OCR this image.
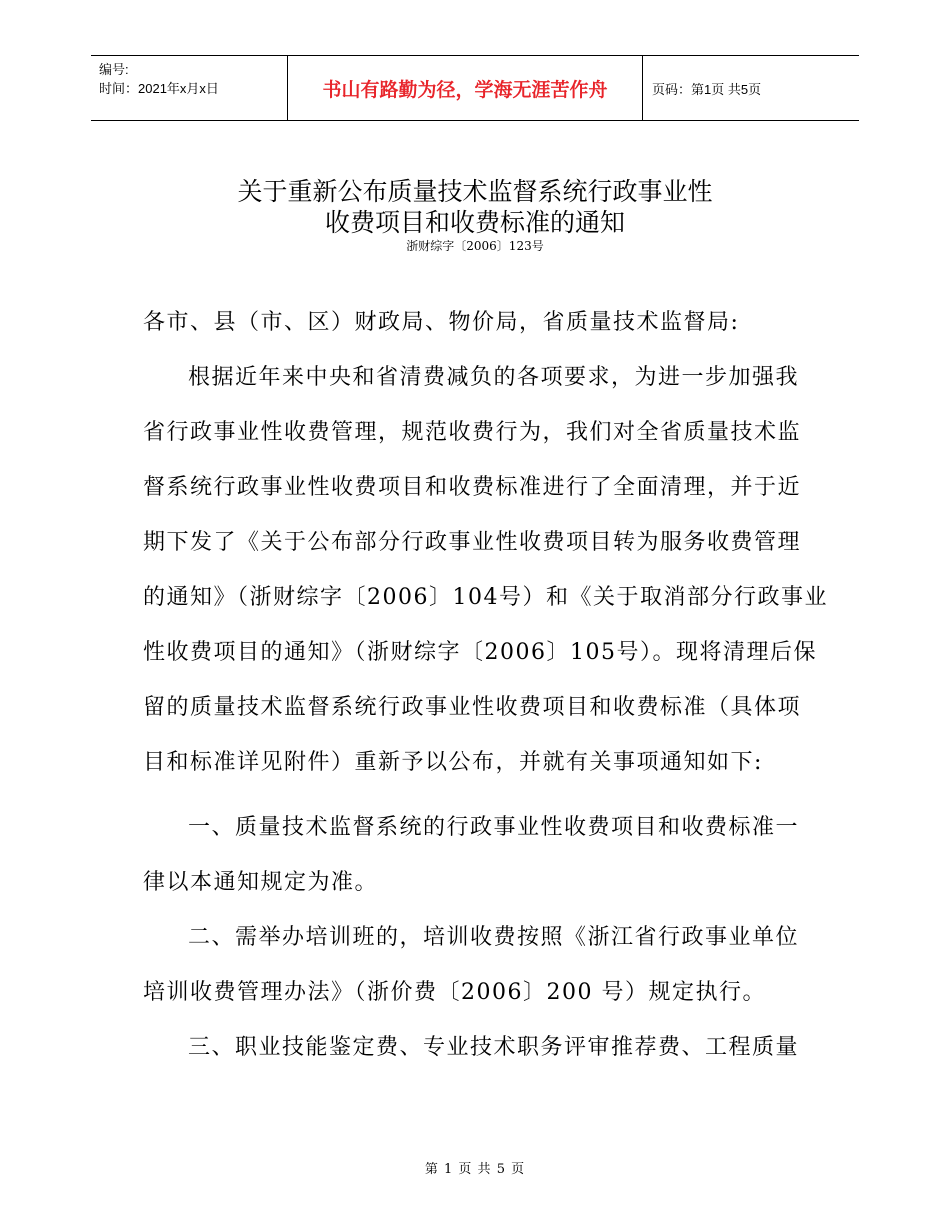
编号:
时间：2021年x月x日	书山有路勤为径，学海无涯苦作舟	页码：第1页 共5页
关于重新公布质量技术监督系统行政事业性
收费项目和收费标准的通知
浙财综字〔2006〕123号
各市、县（市、区）财政局、物价局，省质量技术监督局:
根据近年来中央和省清费减负的各项要求，为进一步加强我
省行政事业性收费管理，规范收费行为，我们对全省质量技术监
督系统行政事业性收费项目和收费标准进行了全面清理，并于近
期下发了《关于公布部分行政事业性收费项目转为服务收费管理
的通知》（浙财综字〔2006〕104号）和《关于取消部分行政事业
性收费项目的通知》（浙财综字〔2006〕105号）。现将清理后保
留的质量技术监督系统行政事业性收费项目和收费标准（具体项
目和标准详见附件）重新予以公布，并就有关事项通知如下:
一、质量技术监督系统的行政事业性收费项目和收费标准一
律以本通知规定为准。
二、需举办培训班的，培训收费按照《浙江省行政事业单位
培训收费管理办法》（浙价费〔2006〕200 号）规定执行。
三、职业技能鉴定费、专业技术职务评审推荐费、工程质量
第 1 页 共 5 页
